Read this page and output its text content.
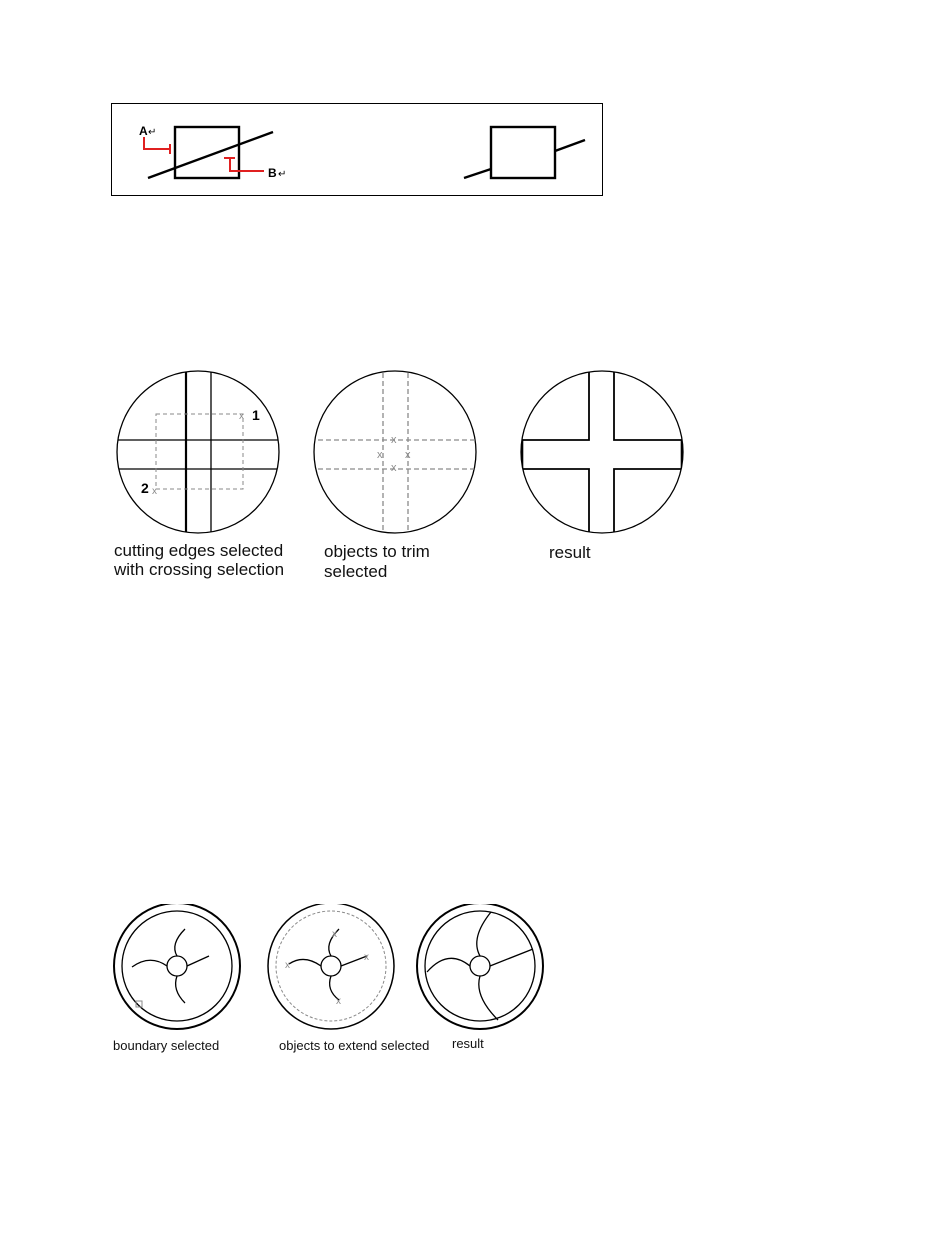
A ↵
B ↵
x
x
1
2
x
x x
x
cutting edges selected
with crossing selection
objects to trim
selected
result
x
x
x
x
boundary selected	objects to extend selected result
